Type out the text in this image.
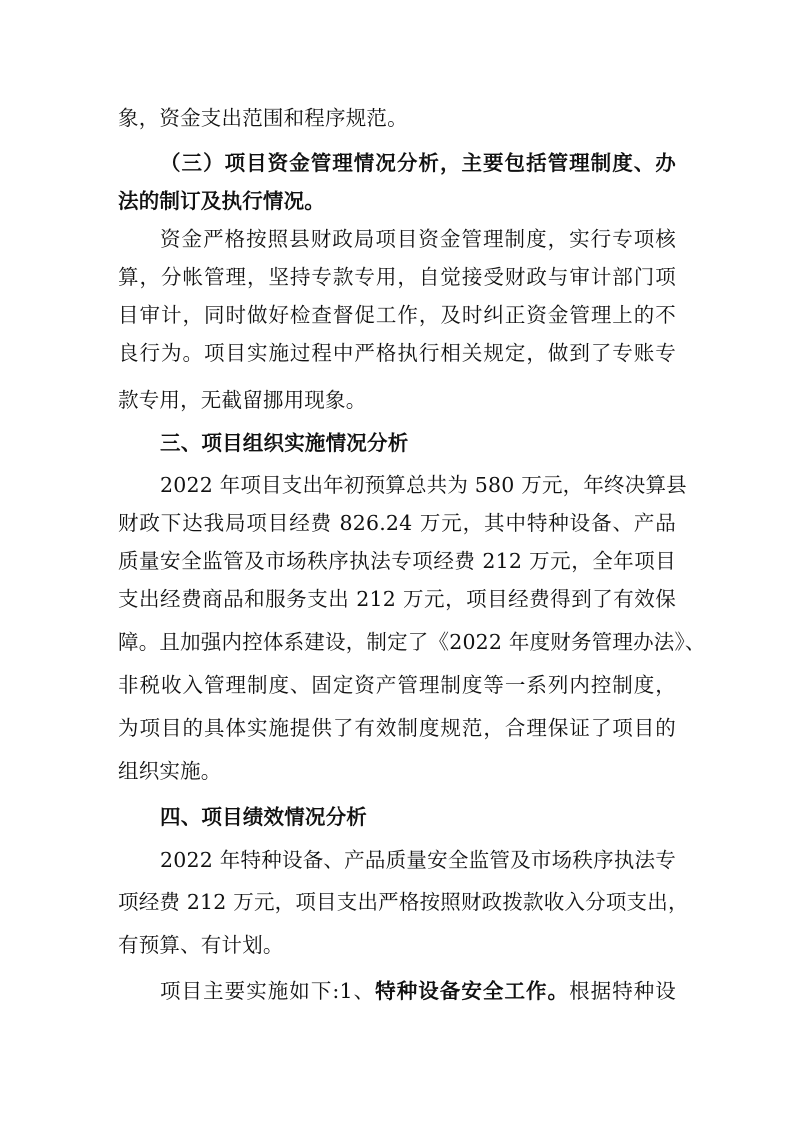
象，资金支出范围和程序规范。
（三）项目资金管理情况分析，主要包括管理制度、办
法的制订及执行情况。
资金严格按照县财政局项目资金管理制度，实行专项核
算，分帐管理，坚持专款专用，自觉接受财政与审计部门项
目审计，同时做好检查督促工作，及时纠正资金管理上的不
良行为。项目实施过程中严格执行相关规定，做到了专账专
款专用，无截留挪用现象。
三、项目组织实施情况分析
2022 年项目支出年初预算总共为 580 万元，年终决算县
财政下达我局项目经费 826.24 万元，其中特种设备、产品
质量安全监管及市场秩序执法专项经费 212 万元，全年项目
支出经费商品和服务支出 212 万元，项目经费得到了有效保
障。且加强内控体系建设，制定了《2022 年度财务管理办法》、
非税收入管理制度、固定资产管理制度等一系列内控制度，
为项目的具体实施提供了有效制度规范，合理保证了项目的
组织实施。
四、项目绩效情况分析
2022 年特种设备、产品质量安全监管及市场秩序执法专
项经费 212 万元，项目支出严格按照财政拨款收入分项支出，
有预算、有计划。
项目主要实施如下:1、特种设备安全工作。根据特种设
